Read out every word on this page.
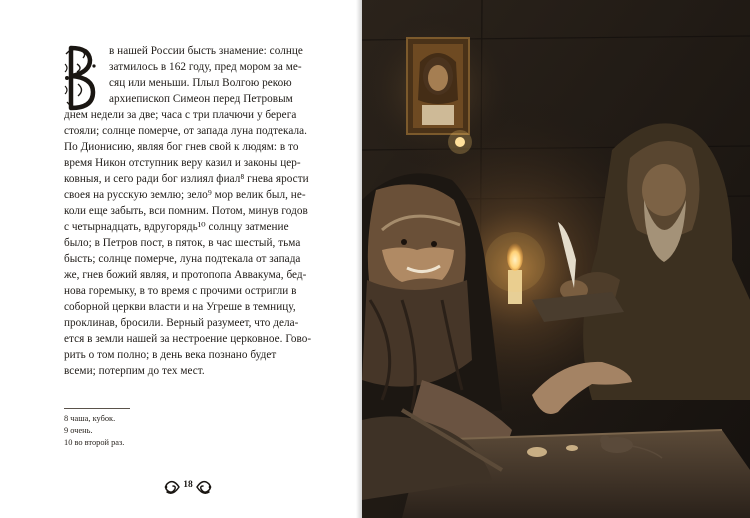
в нашей России бысть знамение: солнце
затмилось в 162 году, пред мором за ме-
сяц или меньши. Плыл Волгою рекою
архиепископ Симеон перед Петровым
днем недели за две; часа с три плачючи у берега
стояли; солнце померче, от запада луна подтекала.
По Дионисию, являя бог гнев свой к людям: в то
время Никон отступник веру казил и законы цер-
ковныя, и сего ради бог излиял фиал⁸ гнева ярости
своея на русскую землю; зело⁹ мор велик был, не-
коли еще забыть, вси помним. Потом, минув годов
с четырнадцать, вдругорядь¹⁰ солнцу затмение
было; в Петров пост, в пяток, в час шестый, тьма
бысть; солнце померче, луна подтекала от запада
же, гнев божий являя, и протопопа Аввакума, бед-
нова горемыку, в то время с прочими остригли в
соборной церкви власти и на Угреше в темницу,
проклинав, бросили. Верный разумеет, что дела-
ется в земли нашей за нестроение церковное. Гово-
рить о том полно; в день века познано будет
всеми; потерпим до тех мест.
8 чаша, кубок.
9 очень.
10 во второй раз.
18
